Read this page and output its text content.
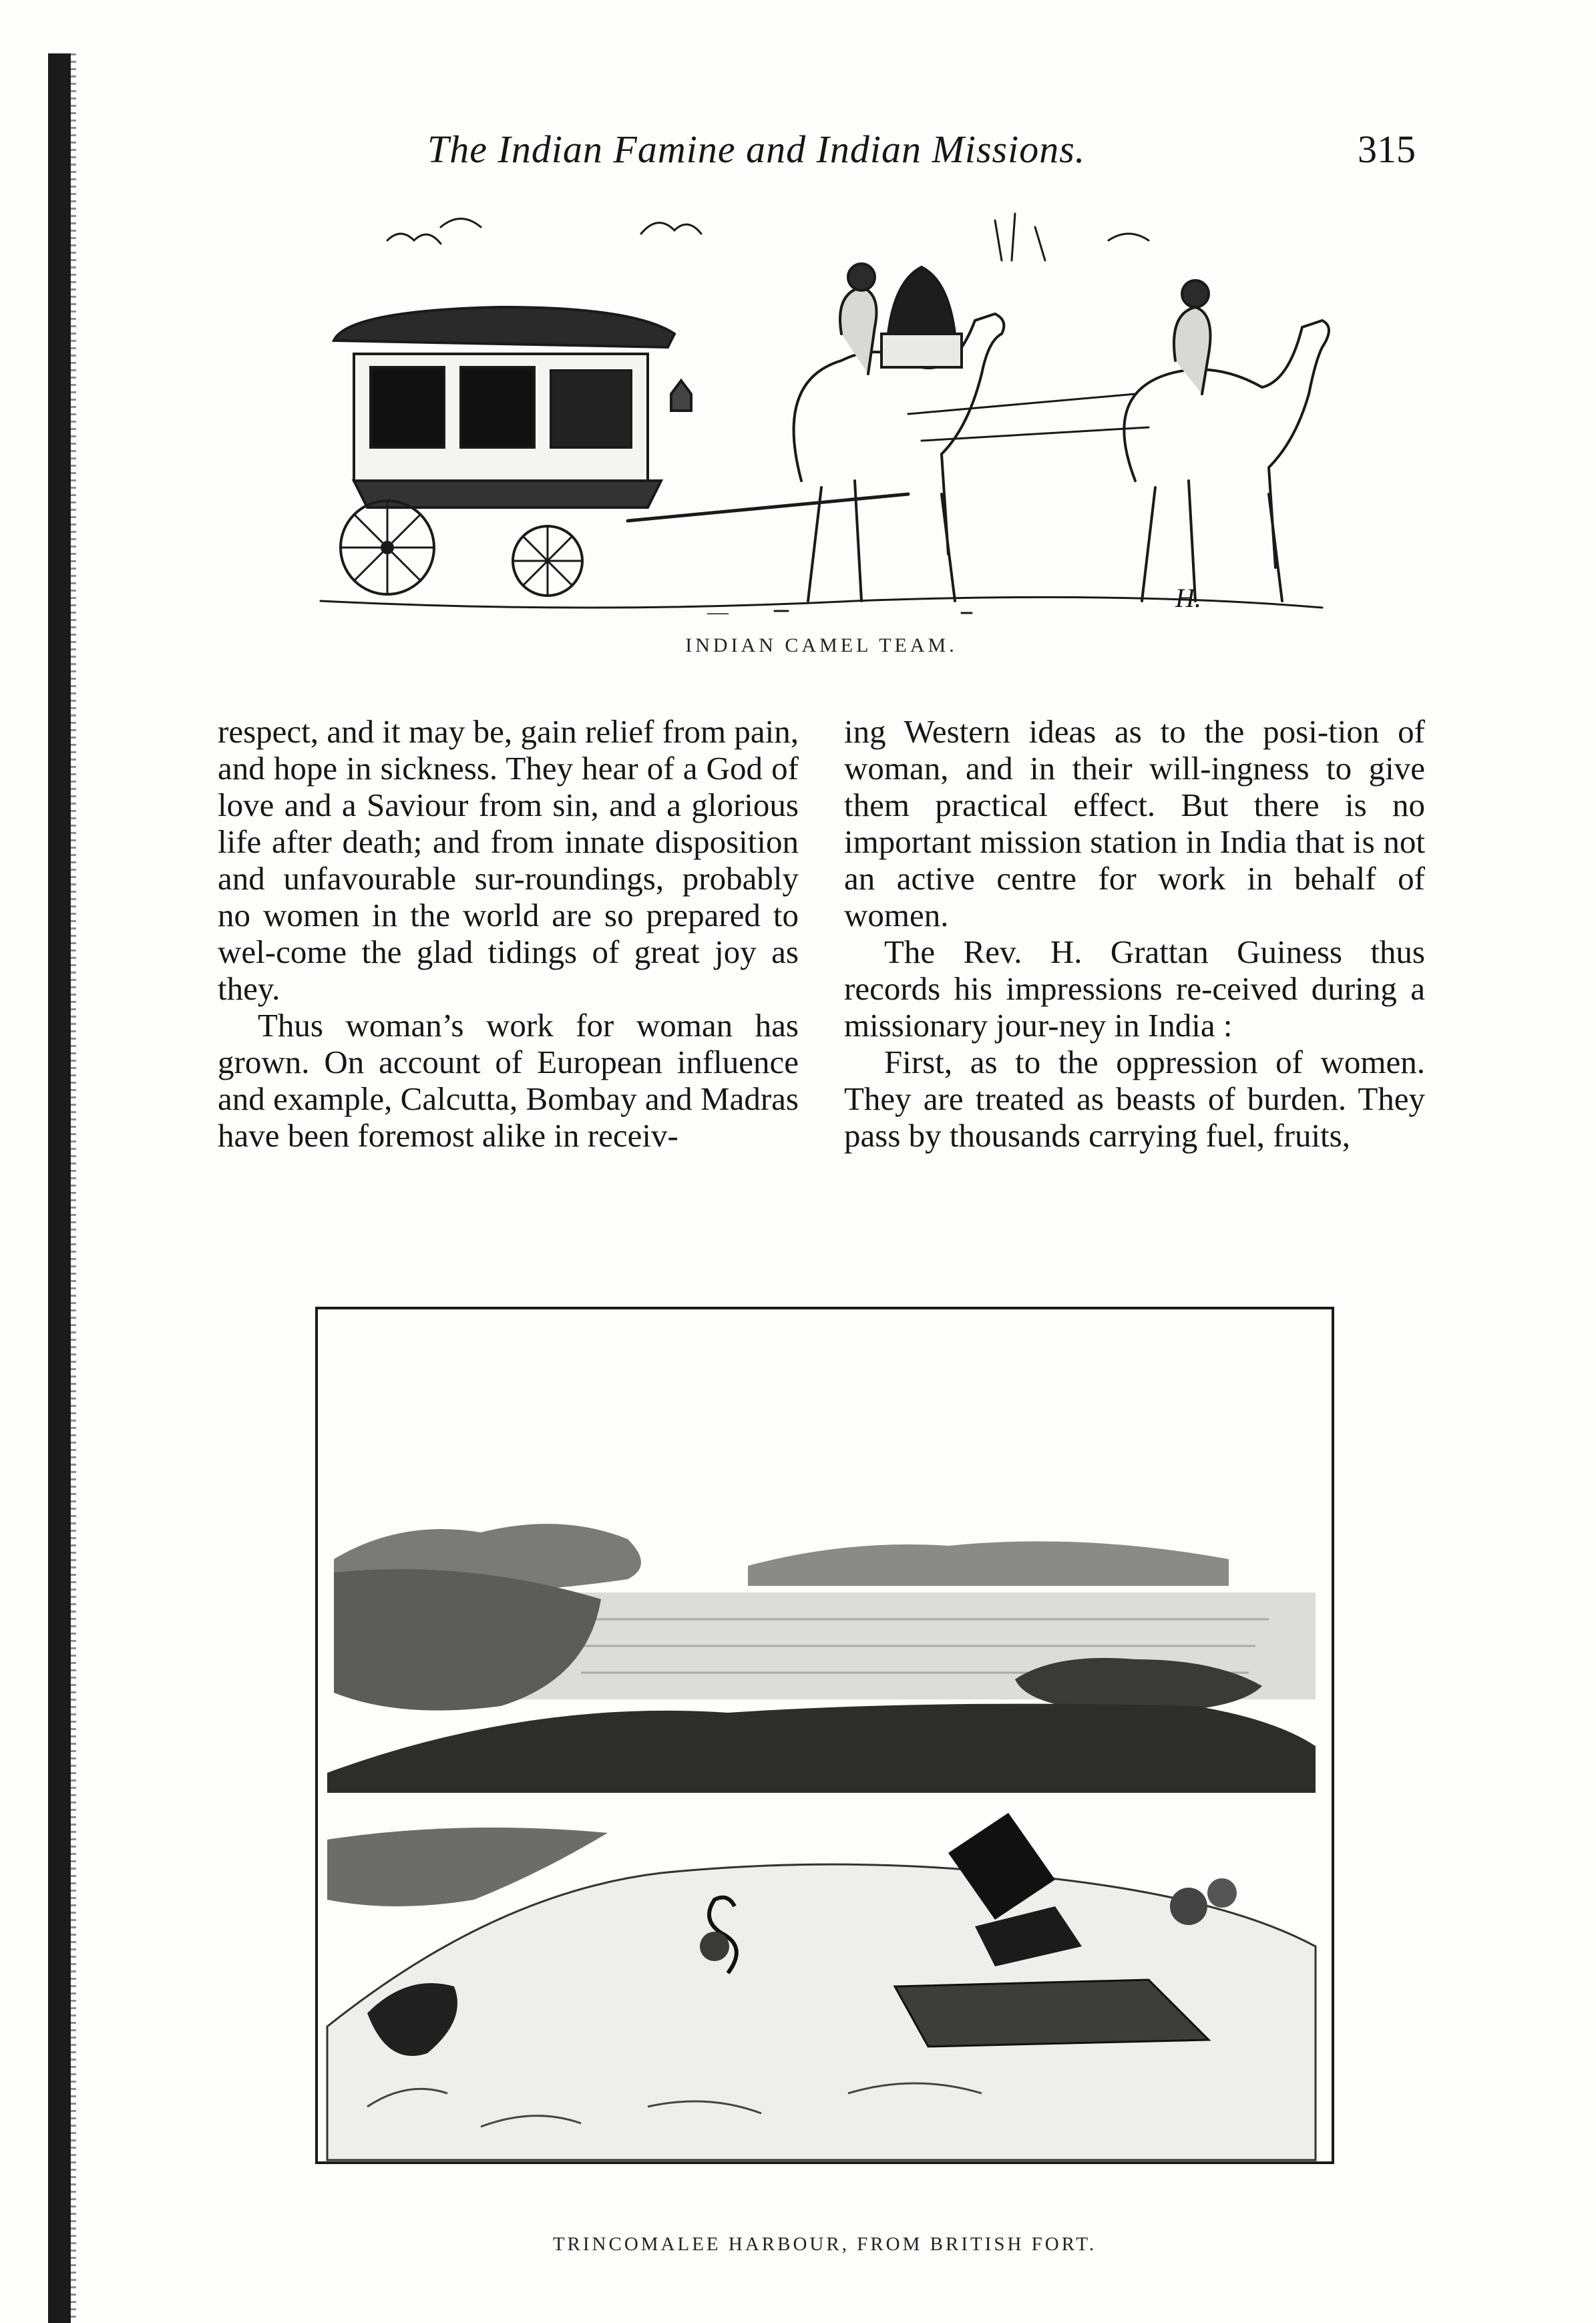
The Indian Famine and Indian Missions.	315
H.
INDIAN CAMEL TEAM.

respect, and it may be, gain relief from pain, and hope in sickness. They hear of a God of love and a Saviour from sin, and a glorious life after death; and from innate disposition and unfavourable sur-roundings, probably no women in the world are so prepared to wel-come the glad tidings of great joy as they.

Thus woman’s work for woman has grown. On account of European influence and example, Calcutta, Bombay and Madras have been foremost alike in receiv-

ing Western ideas as to the posi-tion of woman, and in their will-ingness to give them practical effect. But there is no important mission station in India that is not an active centre for work in behalf of women.

The Rev. H. Grattan Guiness thus records his impressions re-ceived during a missionary jour-ney in India :

First, as to the oppression of women. They are treated as beasts of burden. They pass by thousands carrying fuel, fruits,

TRINCOMALEE HARBOUR, FROM BRITISH FORT.
